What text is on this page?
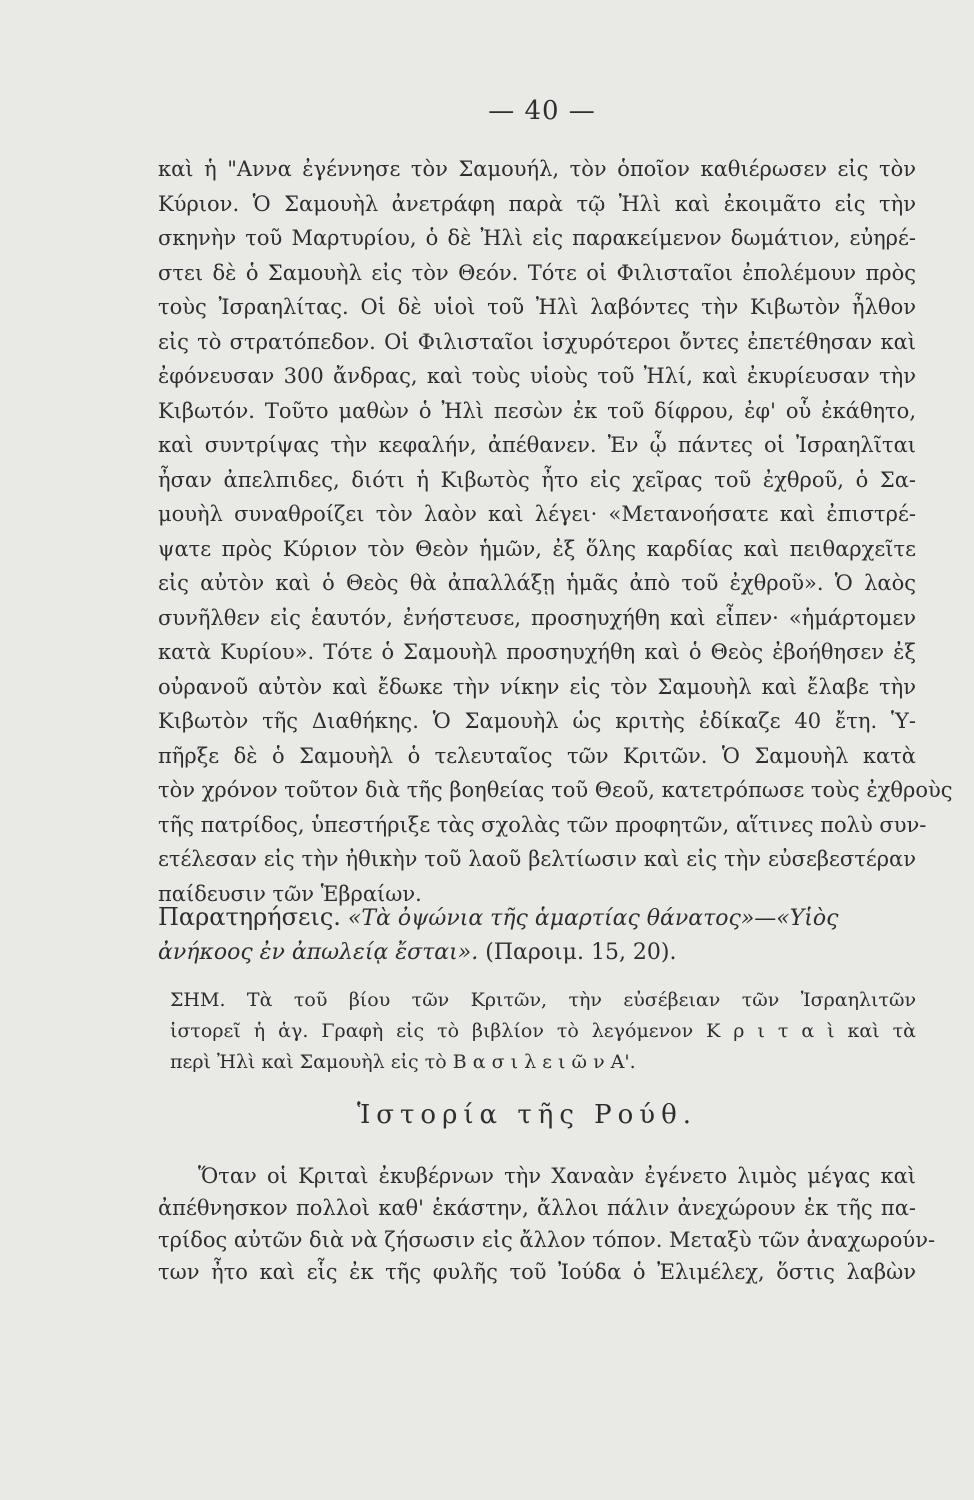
— 40 —
καὶ ἡ "Αννα ἐγέννησε τὸν Σαμουήλ, τὸν ὁποῖον καθιέρωσεν εἰς τὸν
Κύριον. Ὁ Σαμουὴλ ἀνετράφη παρὰ τῷ Ἠλὶ καὶ ἐκοιμᾶτο εἰς τὴν
σκηνὴν τοῦ Μαρτυρίου, ὁ δὲ Ἠλὶ εἰς παρακείμενον δωμάτιον, εὐηρέ-
στει δὲ ὁ Σαμουὴλ εἰς τὸν Θεόν. Τότε οἱ Φιλισταῖοι ἐπολέμουν πρὸς
τοὺς Ἰσραηλίτας. Οἱ δὲ υἱοὶ τοῦ Ἠλὶ λαβόντες τὴν Κιβωτὸν ἦλθον
εἰς τὸ στρατόπεδον. Οἱ Φιλισταῖοι ἰσχυρότεροι ὄντες ἐπετέθησαν καὶ
ἐφόνευσαν 300 ἄνδρας, καὶ τοὺς υἱοὺς τοῦ Ἠλί, καὶ ἐκυρίευσαν τὴν
Κιβωτόν. Τοῦτο μαθὼν ὁ Ἠλὶ πεσὼν ἐκ τοῦ δίφρου, ἐφ' οὗ ἐκάθητο,
καὶ συντρίψας τὴν κεφαλήν, ἀπέθανεν. Ἐν ᾧ πάντες οἱ Ἰσραηλῖται
ἦσαν ἀπελπιδες, διότι ἡ Κιβωτὸς ἦτο εἰς χεῖρας τοῦ ἐχθροῦ, ὁ Σα-
μουὴλ συναθροίζει τὸν λαὸν καὶ λέγει· «Μετανοήσατε καὶ ἐπιστρέ-
ψατε πρὸς Κύριον τὸν Θεὸν ἡμῶν, ἐξ ὅλης καρδίας καὶ πειθαρχεῖτε
εἰς αὐτὸν καὶ ὁ Θεὸς θὰ ἀπαλλάξῃ ἡμᾶς ἀπὸ τοῦ ἐχθροῦ». Ὁ λαὸς
συνῆλθεν εἰς ἑαυτόν, ἐνήστευσε, προσηυχήθη καὶ εἶπεν· «ἡμάρτομεν
κατὰ Κυρίου». Τότε ὁ Σαμουὴλ προσηυχήθη καὶ ὁ Θεὸς ἐβοήθησεν ἐξ
οὐρανοῦ αὐτὸν καὶ ἔδωκε τὴν νίκην εἰς τὸν Σαμουὴλ καὶ ἔλαβε τὴν
Κιβωτὸν τῆς Διαθήκης. Ὁ Σαμουὴλ ὡς κριτὴς ἐδίκαζε 40 ἔτη. Ὑ-
πῆρξε δὲ ὁ Σαμουὴλ ὁ τελευταῖος τῶν Κριτῶν. Ὁ Σαμουὴλ κατὰ
τὸν χρόνον τοῦτον διὰ τῆς βοηθείας τοῦ Θεοῦ, κατετρόπωσε τοὺς ἐχθροὺς
τῆς πατρίδος, ὑπεστήριξε τὰς σχολὰς τῶν προφητῶν, αἵτινες πολὺ συν-
ετέλεσαν εἰς τὴν ἠθικὴν τοῦ λαοῦ βελτίωσιν καὶ εἰς τὴν εὐσεβεστέραν
παίδευσιν τῶν Ἑβραίων.
Παρατηρήσεις. «Τὰ ὀψώνια τῆς ἁμαρτίας θάνατος»—«Υἱὸς
ἀνήκοος ἐν ἀπωλείᾳ ἔσται». (Παροιμ. 15, 20).
ΣΗΜ. Τὰ τοῦ βίου τῶν Κριτῶν, τὴν εὐσέβειαν τῶν Ἰσραηλιτῶν
ἱστορεῖ ἡ ἁγ. Γραφὴ εἰς τὸ βιβλίον τὸ λεγόμενον Κ ρ ι τ α ὶ καὶ τὰ
περὶ Ἠλὶ καὶ Σαμουὴλ εἰς τὸ Β α σ ι λ ε ι ῶ ν Α'.
Ἱστορία τῆς Ρούθ.
Ὅταν οἱ Κριταὶ ἐκυβέρνων τὴν Χαναὰν ἐγένετο λιμὸς μέγας καὶ
ἀπέθνησκον πολλοὶ καθ' ἑκάστην, ἄλλοι πάλιν ἀνεχώρουν ἐκ τῆς πα-
τρίδος αὐτῶν διὰ νὰ ζήσωσιν εἰς ἄλλον τόπον. Μεταξὺ τῶν ἀναχωρούν-
των ἦτο καὶ εἷς ἐκ τῆς φυλῆς τοῦ Ἰούδα ὁ Ἐλιμέλεχ, ὅστις λαβὼν
